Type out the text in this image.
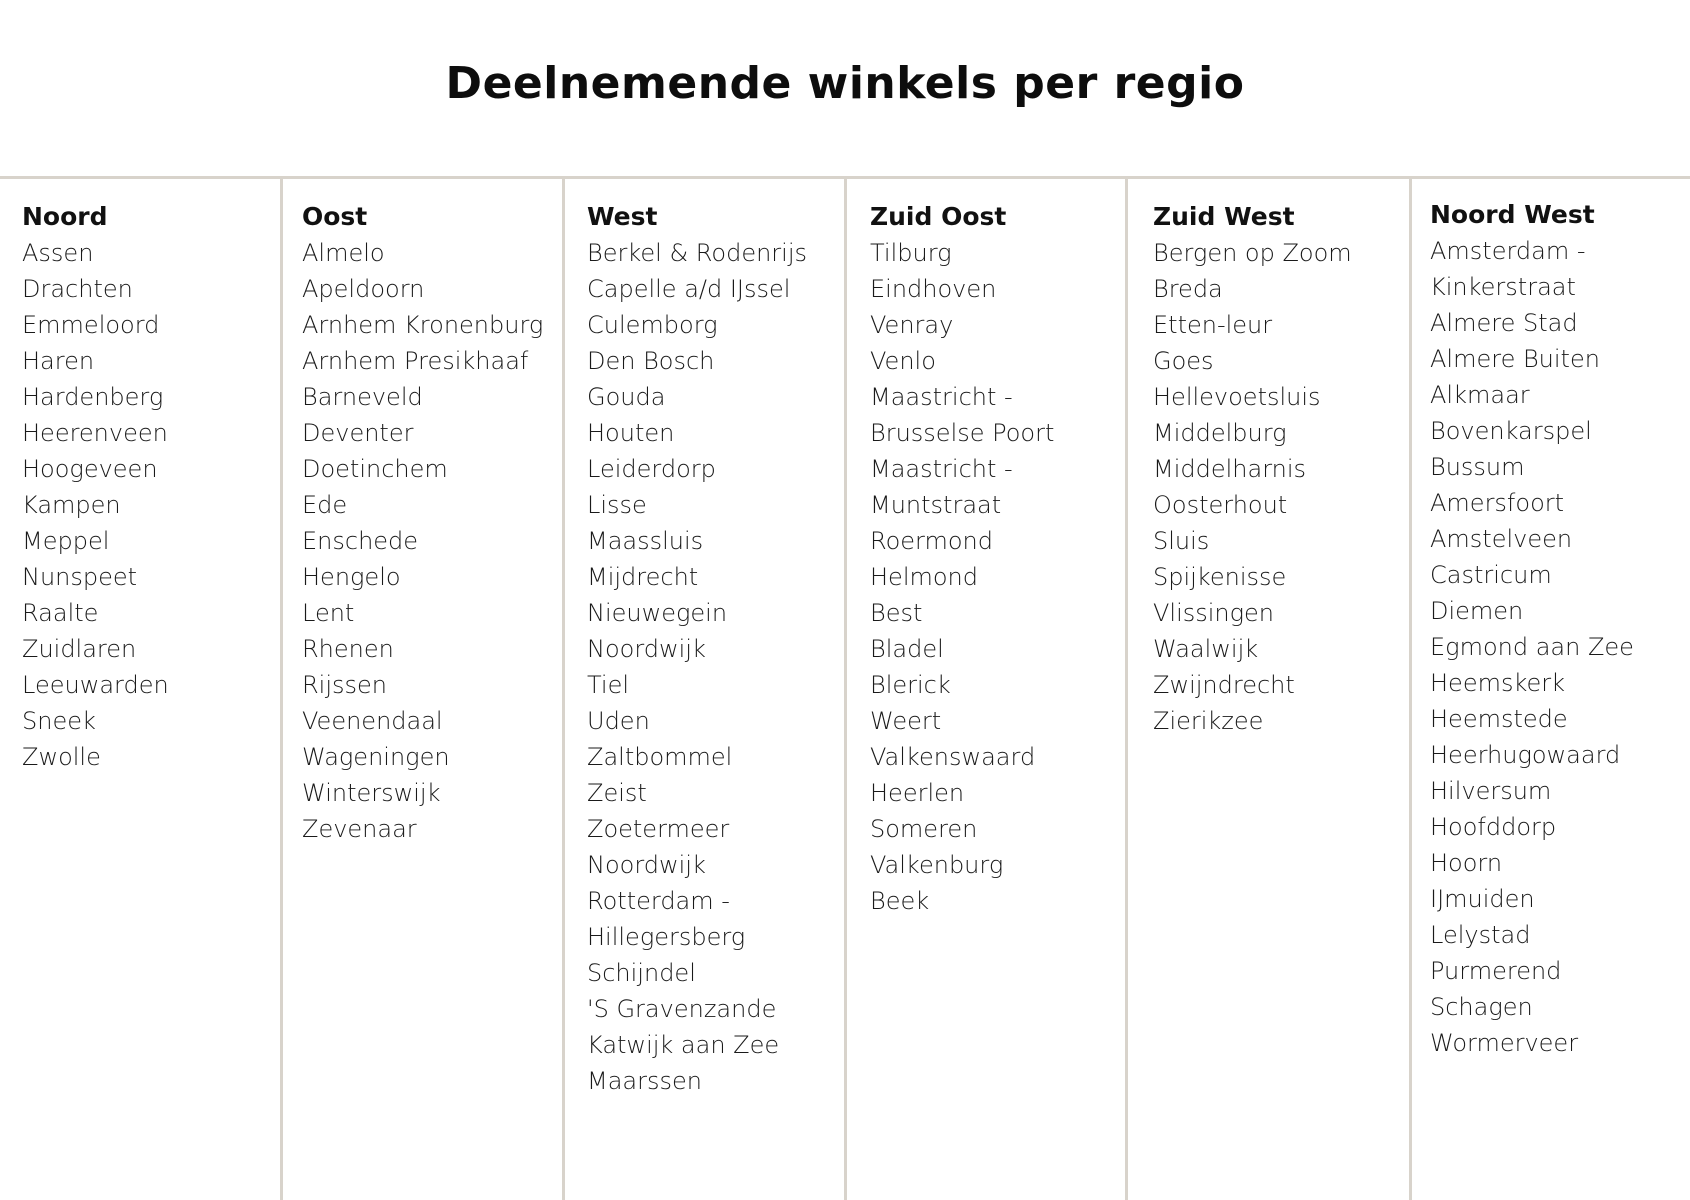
Deelnemende winkels per regio
Noord
Assen
Drachten
Emmeloord
Haren
Hardenberg
Heerenveen
Hoogeveen
Kampen
Meppel
Nunspeet
Raalte
Zuidlaren
Leeuwarden
Sneek
Zwolle
Oost
Almelo
Apeldoorn
Arnhem Kronenburg
Arnhem Presikhaaf
Barneveld
Deventer
Doetinchem
Ede
Enschede
Hengelo
Lent
Rhenen
Rijssen
Veenendaal
Wageningen
Winterswijk
Zevenaar
West
Berkel & Rodenrijs
Capelle a/d IJssel
Culemborg
Den Bosch
Gouda
Houten
Leiderdorp
Lisse
Maassluis
Mijdrecht
Nieuwegein
Noordwijk
Tiel
Uden
Zaltbommel
Zeist
Zoetermeer
Noordwijk
Rotterdam -
Hillegersberg
Schijndel
'S Gravenzande
Katwijk aan Zee
Maarssen
Zuid Oost
Tilburg
Eindhoven
Venray
Venlo
Maastricht -
Brusselse Poort
Maastricht -
Muntstraat
Roermond
Helmond
Best
Bladel
Blerick
Weert
Valkenswaard
Heerlen
Someren
Valkenburg
Beek
Zuid West
Bergen op Zoom
Breda
Etten-leur
Goes
Hellevoetsluis
Middelburg
Middelharnis
Oosterhout
Sluis
Spijkenisse
Vlissingen
Waalwijk
Zwijndrecht
Zierikzee
Noord West
Amsterdam -
Kinkerstraat
Almere Stad
Almere Buiten
Alkmaar
Bovenkarspel
Bussum
Amersfoort
Amstelveen
Castricum
Diemen
Egmond aan Zee
Heemskerk
Heemstede
Heerhugowaard
Hilversum
Hoofddorp
Hoorn
IJmuiden
Lelystad
Purmerend
Schagen
Wormerveer
